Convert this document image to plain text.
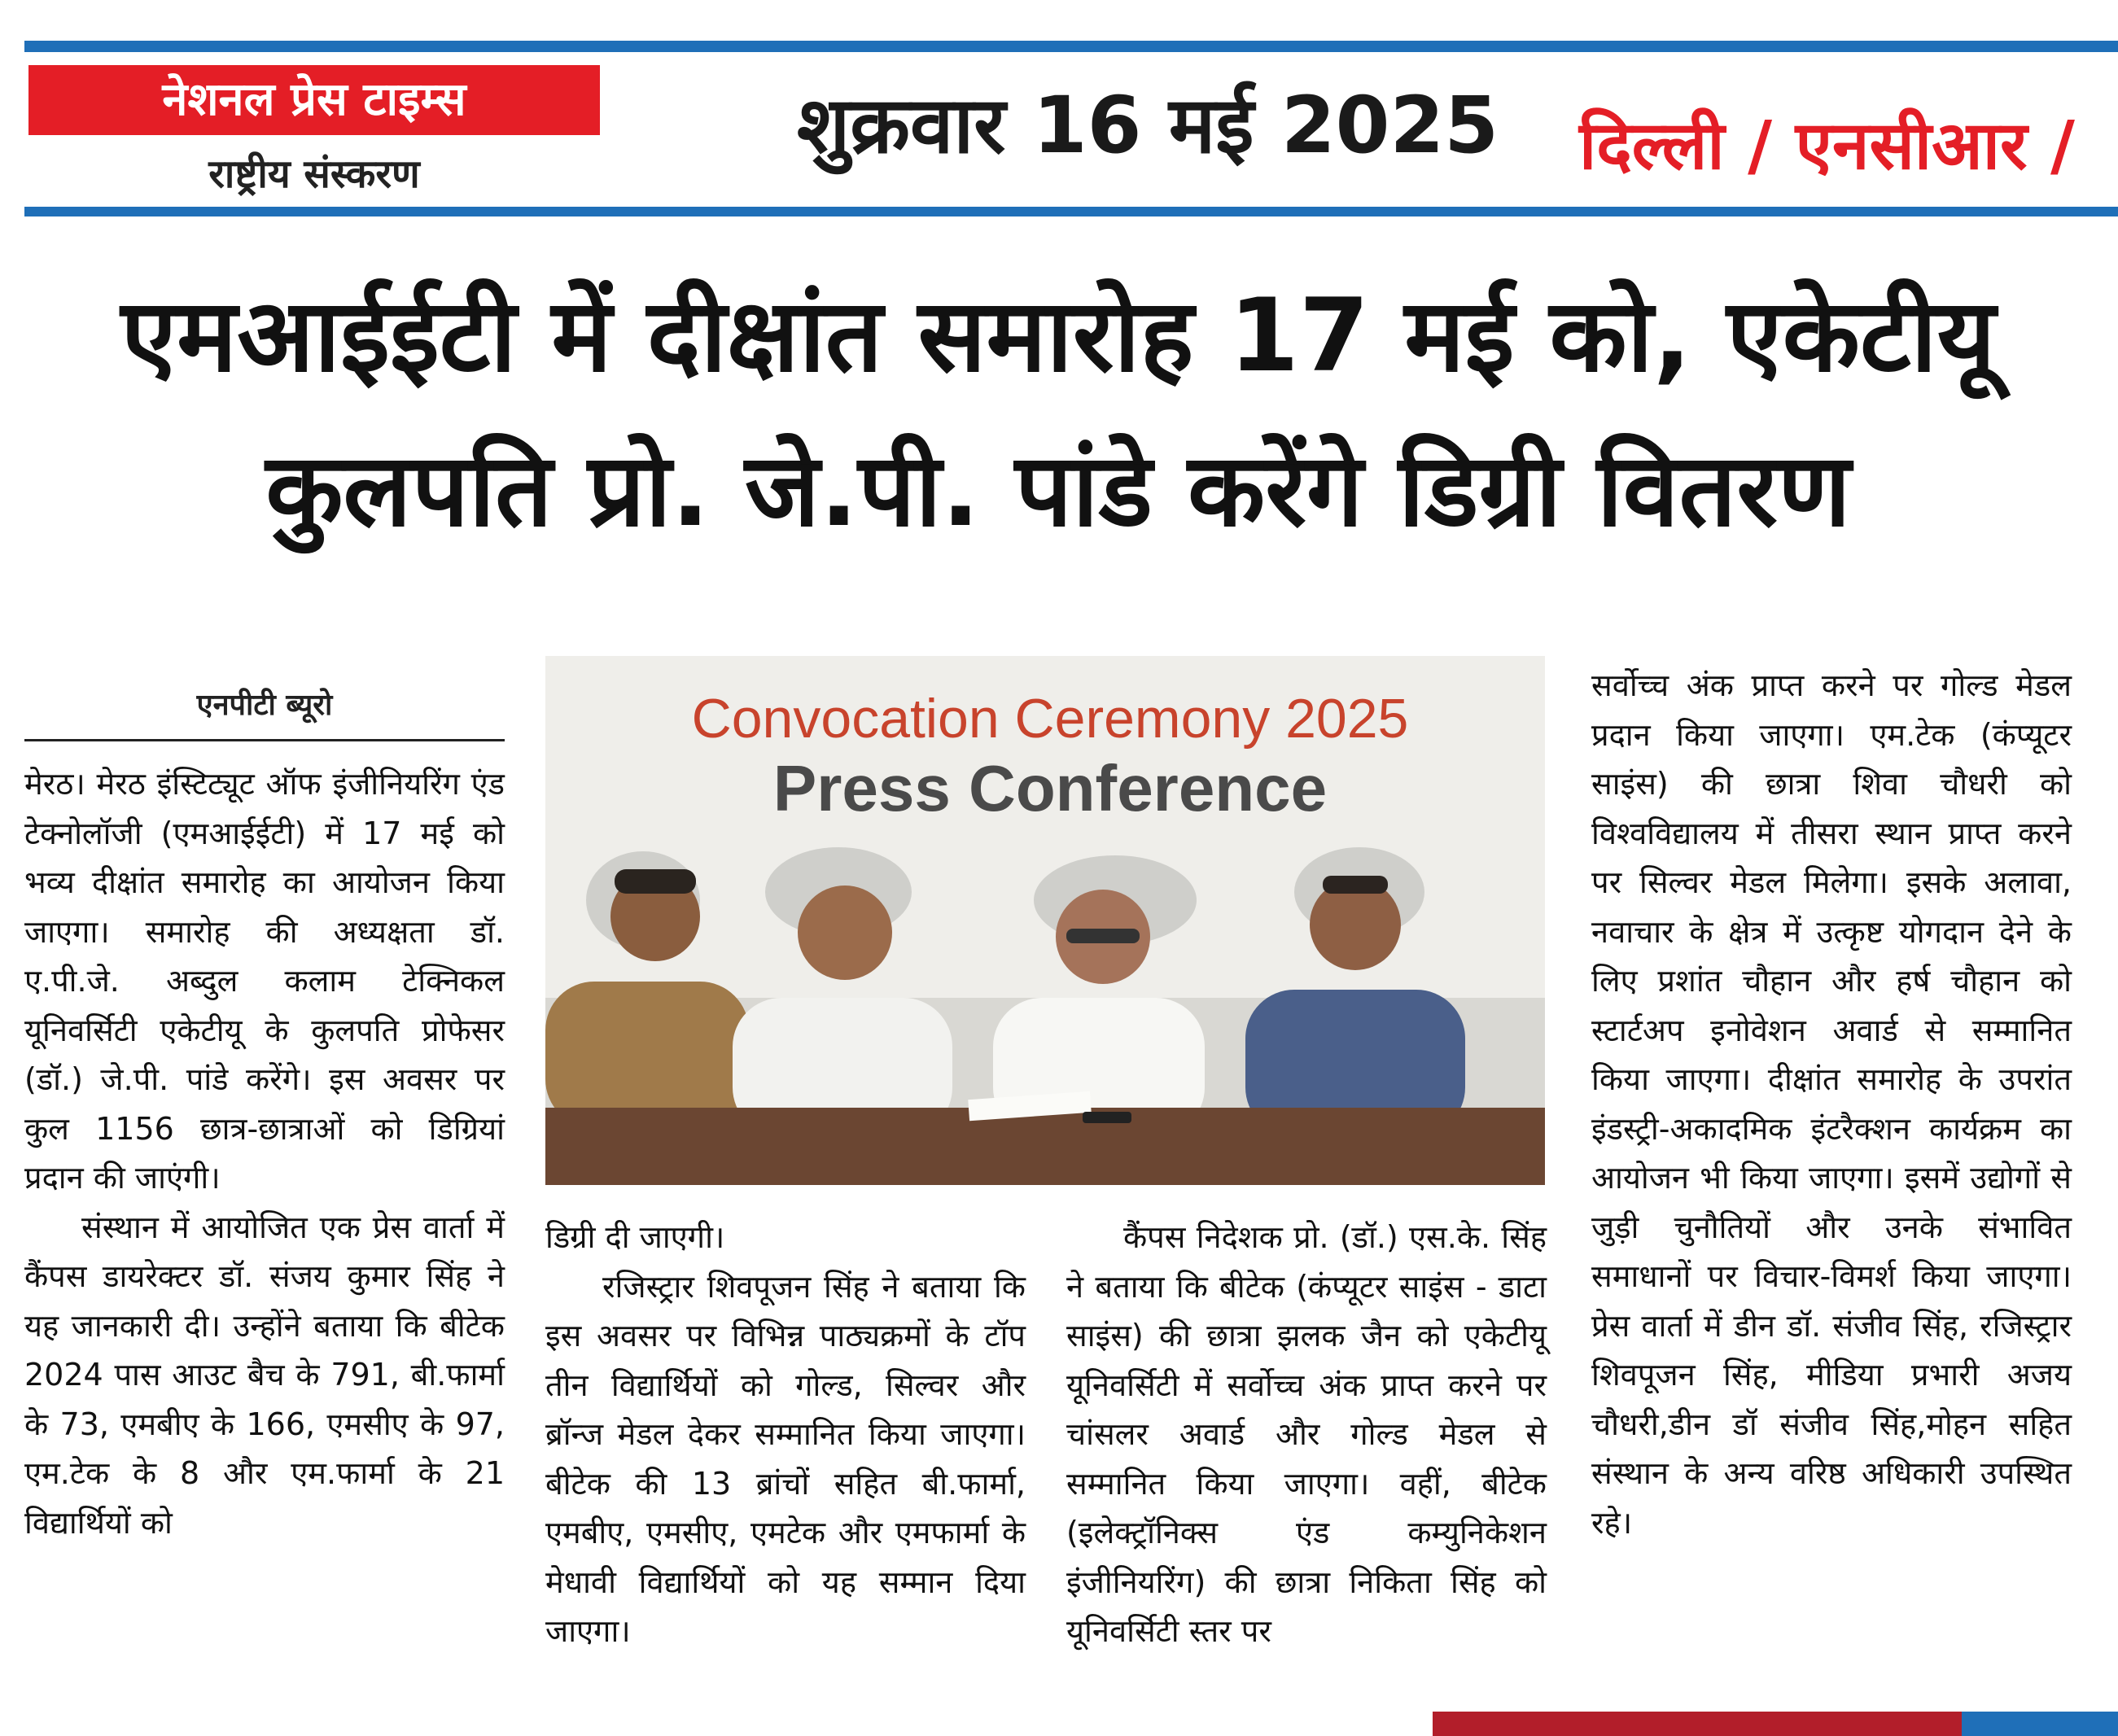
नेशनल प्रेस टाइम्स
राष्ट्रीय संस्करण
शुक्रवार 16 मई 2025	दिल्ली / एनसीआर /
एमआईईटी में दीक्षांत समारोह 17 मई को, एकेटीयू
कुलपति प्रो. जे.पी. पांडे करेंगे डिग्री वितरण
एनपीटी ब्यूरो

मेरठ। मेरठ इंस्टिट्यूट ऑफ इंजीनियरिंग एंड टेक्नोलॉजी (एमआईईटी) में 17 मई को भव्य दीक्षांत समारोह का आयोजन किया जाएगा। समारोह की अध्यक्षता डॉ. ए.पी.जे. अब्दुल कलाम टेक्निकल यूनिवर्सिटी एकेटीयू के कुलपति प्रोफेसर (डॉ.) जे.पी. पांडे करेंगे। इस अवसर पर कुल 1156 छात्र-छात्राओं को डिग्रियां प्रदान की जाएंगी।

संस्थान में आयोजित एक प्रेस वार्ता में कैंपस डायरेक्टर डॉ. संजय कुमार सिंह ने यह जानकारी दी। उन्होंने बताया कि बीटेक 2024 पास आउट बैच के 791, बी.फार्मा के 73, एमबीए के 166, एमसीए के 97, एम.टेक के 8 और एम.फार्मा के 21 विद्यार्थियों को

Convocation Ceremony 2025
Press Conference

डिग्री दी जाएगी।

रजिस्ट्रार शिवपूजन सिंह ने बताया कि इस अवसर पर विभिन्न पाठ्यक्रमों के टॉप तीन विद्यार्थियों को गोल्ड, सिल्वर और ब्रॉन्ज मेडल देकर सम्मानित किया जाएगा। बीटेक की 13 ब्रांचों सहित बी.फार्मा, एमबीए, एमसीए, एमटेक और एमफार्मा के मेधावी विद्यार्थियों को यह सम्मान दिया जाएगा।

कैंपस निदेशक प्रो. (डॉ.) एस.के. सिंह ने बताया कि बीटेक (कंप्यूटर साइंस - डाटा साइंस) की छात्रा झलक जैन को एकेटीयू यूनिवर्सिटी में सर्वोच्च अंक प्राप्त करने पर चांसलर अवार्ड और गोल्ड मेडल से सम्मानित किया जाएगा। वहीं, बीटेक (इलेक्ट्रॉनिक्स एंड कम्युनिकेशन इंजीनियरिंग) की छात्रा निकिता सिंह को यूनिवर्सिटी स्तर पर

सर्वोच्च अंक प्राप्त करने पर गोल्ड मेडल प्रदान किया जाएगा। एम.टेक (कंप्यूटर साइंस) की छात्रा शिवा चौधरी को विश्वविद्यालय में तीसरा स्थान प्राप्त करने पर सिल्वर मेडल मिलेगा। इसके अलावा, नवाचार के क्षेत्र में उत्कृष्ट योगदान देने के लिए प्रशांत चौहान और हर्ष चौहान को स्टार्टअप इनोवेशन अवार्ड से सम्मानित किया जाएगा। दीक्षांत समारोह के उपरांत इंडस्ट्री-अकादमिक इंटरैक्शन कार्यक्रम का आयोजन भी किया जाएगा। इसमें उद्योगों से जुड़ी चुनौतियों और उनके संभावित समाधानों पर विचार-विमर्श किया जाएगा। प्रेस वार्ता में डीन डॉ. संजीव सिंह, रजिस्ट्रार शिवपूजन सिंह, मीडिया प्रभारी अजय चौधरी,डीन डॉ संजीव सिंह,मोहन सहित संस्थान के अन्य वरिष्ठ अधिकारी उपस्थित रहे।
